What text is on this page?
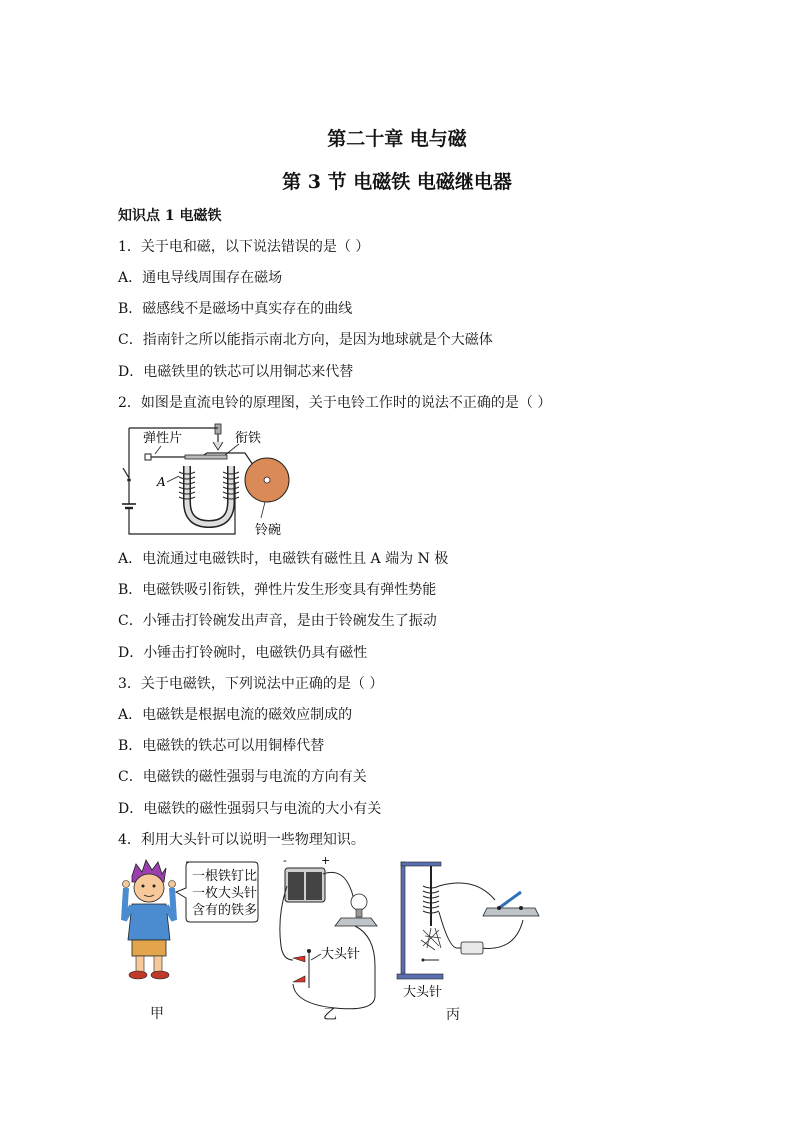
第二十章 电与磁
第 3 节 电磁铁 电磁继电器
知识点 1 电磁铁
1．关于电和磁，以下说法错误的是（ ）
A．通电导线周围存在磁场
B．磁感线不是磁场中真实存在的曲线
C．指南针之所以能指示南北方向，是因为地球就是个大磁体
D．电磁铁里的铁芯可以用铜芯来代替
2．如图是直流电铃的原理图，关于电铃工作时的说法不正确的是（ ）
弹性片	衔铁
A
铃碗
A．电流通过电磁铁时，电磁铁有磁性且 A 端为 N 极
B．电磁铁吸引衔铁，弹性片发生形变具有弹性势能
C．小锤击打铃碗发出声音，是由于铃碗发生了振动
D．小锤击打铃碗时，电磁铁仍具有磁性
3．关于电磁铁，下列说法中正确的是（ ）
A．电磁铁是根据电流的磁效应制成的
B．电磁铁的铁芯可以用铜棒代替
C．电磁铁的磁性强弱与电流的方向有关
D．电磁铁的磁性强弱只与电流的大小有关
4．利用大头针可以说明一些物理知识。
一根铁钉比
一枚大头针
含有的铁多
-	+
大头针
大头针
甲	乙	丙
